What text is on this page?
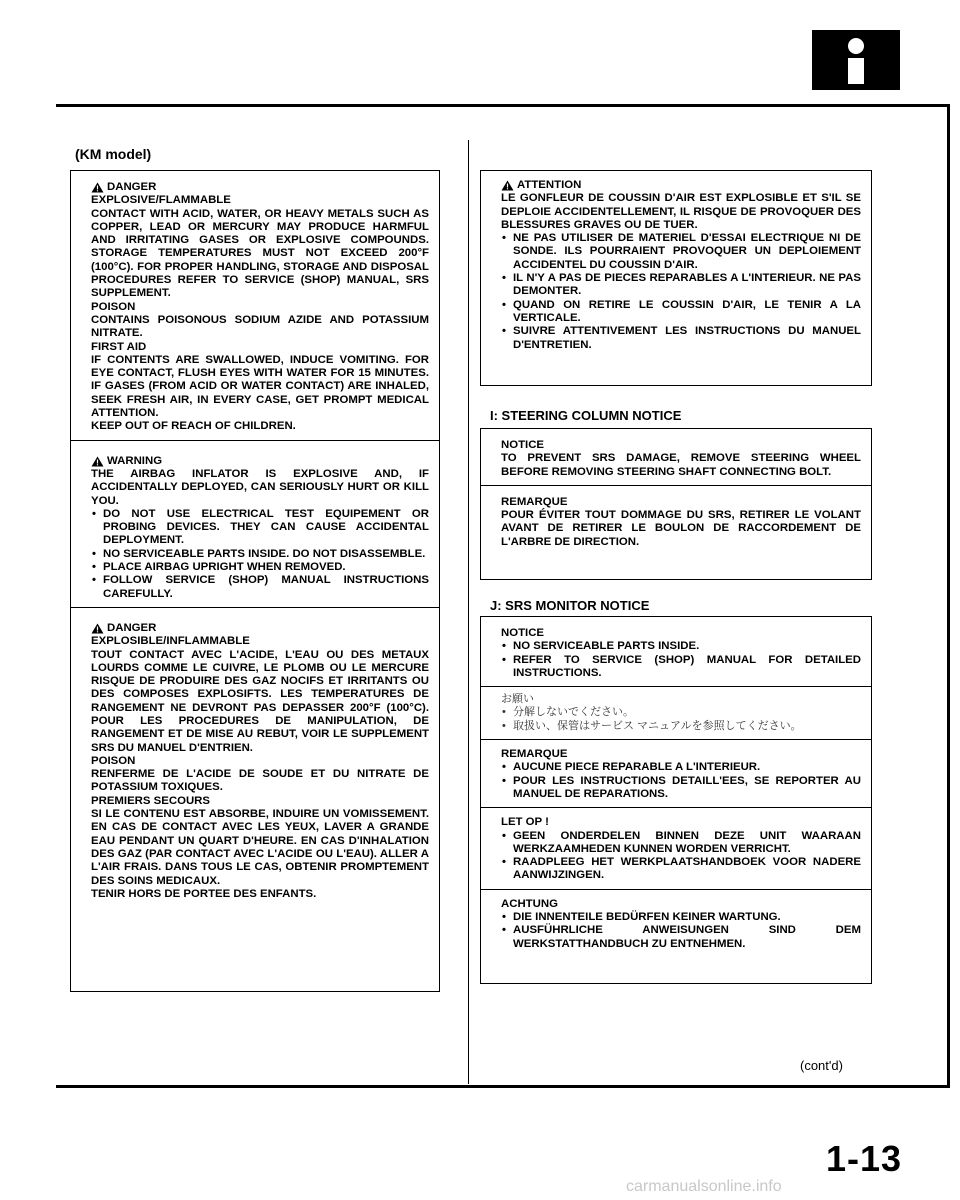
(KM model)
DANGER
EXPLOSIVE/FLAMMABLE
CONTACT WITH ACID, WATER, OR HEAVY METALS SUCH AS COPPER, LEAD OR MERCURY MAY PRODUCE HARMFUL AND IRRITATING GASES OR EXPLOSIVE COMPOUNDS. STORAGE TEMPERATURES MUST NOT EXCEED 200°F (100°C). FOR PROPER HANDLING, STORAGE AND DISPOSAL PROCEDURES REFER TO SERVICE (SHOP) MANUAL, SRS SUPPLEMENT.
POISON
CONTAINS POISONOUS SODIUM AZIDE AND POTASSIUM NITRATE.
FIRST AID
IF CONTENTS ARE SWALLOWED, INDUCE VOMITING. FOR EYE CONTACT, FLUSH EYES WITH WATER FOR 15 MINUTES. IF GASES (FROM ACID OR WATER CONTACT) ARE INHALED, SEEK FRESH AIR, IN EVERY CASE, GET PROMPT MEDICAL ATTENTION.
KEEP OUT OF REACH OF CHILDREN.
WARNING
THE AIRBAG INFLATOR IS EXPLOSIVE AND, IF ACCIDENTALLY DEPLOYED, CAN SERIOUSLY HURT OR KILL YOU.
• DO NOT USE ELECTRICAL TEST EQUIPEMENT OR PROBING DEVICES. THEY CAN CAUSE ACCIDENTAL DEPLOYMENT.
• NO SERVICEABLE PARTS INSIDE. DO NOT DISASSEMBLE.
• PLACE AIRBAG UPRIGHT WHEN REMOVED.
• FOLLOW SERVICE (SHOP) MANUAL INSTRUCTIONS CAREFULLY.
DANGER
EXPLOSIBLE/INFLAMMABLE
TOUT CONTACT AVEC L'ACIDE, L'EAU OU DES METAUX LOURDS COMME LE CUIVRE, LE PLOMB OU LE MERCURE RISQUE DE PRODUIRE DES GAZ NOCIFS ET IRRITANTS OU DES COMPOSES EXPLOSIFTS. LES TEMPERATURES DE RANGEMENT NE DEVRONT PAS DEPASSER 200°F (100°C). POUR LES PROCEDURES DE MANIPULATION, DE RANGEMENT ET DE MISE AU REBUT, VOIR LE SUPPLEMENT SRS DU MANUEL D'ENTRIEN.
POISON
RENFERME DE L'ACIDE DE SOUDE ET DU NITRATE DE POTASSIUM TOXIQUES.
PREMIERS SECOURS
SI LE CONTENU EST ABSORBE, INDUIRE UN VOMISSEMENT. EN CAS DE CONTACT AVEC LES YEUX, LAVER A GRANDE EAU PENDANT UN QUART D'HEURE. EN CAS D'INHALATION DES GAZ (PAR CONTACT AVEC L'ACIDE OU L'EAU). ALLER A L'AIR FRAIS. DANS TOUS LE CAS, OBTENIR PROMPTEMENT DES SOINS MEDICAUX.
TENIR HORS DE PORTEE DES ENFANTS.
ATTENTION
LE GONFLEUR DE COUSSIN D'AIR EST EXPLOSIBLE ET S'IL SE DEPLOIE ACCIDENTELLEMENT, IL RISQUE DE PROVOQUER DES BLESSURES GRAVES OU DE TUER.
• NE PAS UTILISER DE MATERIEL D'ESSAI ELECTRIQUE NI DE SONDE. ILS POURRAIENT PROVOQUER UN DEPLOIEMENT ACCIDENTEL DU COUSSIN D'AIR.
• IL N'Y A PAS DE PIECES REPARABLES A L'INTERIEUR. NE PAS DEMONTER.
• QUAND ON RETIRE LE COUSSIN D'AIR, LE TENIR A LA VERTICALE.
• SUIVRE ATTENTIVEMENT LES INSTRUCTIONS DU MANUEL D'ENTRETIEN.
I: STEERING COLUMN NOTICE
NOTICE
TO PREVENT SRS DAMAGE, REMOVE STEERING WHEEL BEFORE REMOVING STEERING SHAFT CONNECTING BOLT.
REMARQUE
POUR ÉVITER TOUT DOMMAGE DU SRS, RETIRER LE VOLANT AVANT DE RETIRER LE BOULON DE RACCORDEMENT DE L'ARBRE DE DIRECTION.
J: SRS MONITOR NOTICE
NOTICE
• NO SERVICEABLE PARTS INSIDE.
• REFER TO SERVICE (SHOP) MANUAL FOR DETAILED INSTRUCTIONS.
お願い
• 分解しないでください。
• 取扱い、保管はサービス マニュアルを参照してください。
REMARQUE
• AUCUNE PIECE REPARABLE A L'INTERIEUR.
• POUR LES INSTRUCTIONS DETAILL'EES, SE REPORTER AU MANUEL DE REPARATIONS.
LET OP !
• GEEN ONDERDELEN BINNEN DEZE UNIT WAARAAN WERKZAAMHEDEN KUNNEN WORDEN VERRICHT.
• RAADPLEEG HET WERKPLAATSHANDBOEK VOOR NADERE AANWIJZINGEN.
ACHTUNG
• DIE INNENTEILE BEDÜRFEN KEINER WARTUNG.
• AUSFÜHRLICHE ANWEISUNGEN SIND DEM WERKSTATTHANDBUCH ZU ENTNEHMEN.
(cont'd)
1-13
carmanualsonline.info
